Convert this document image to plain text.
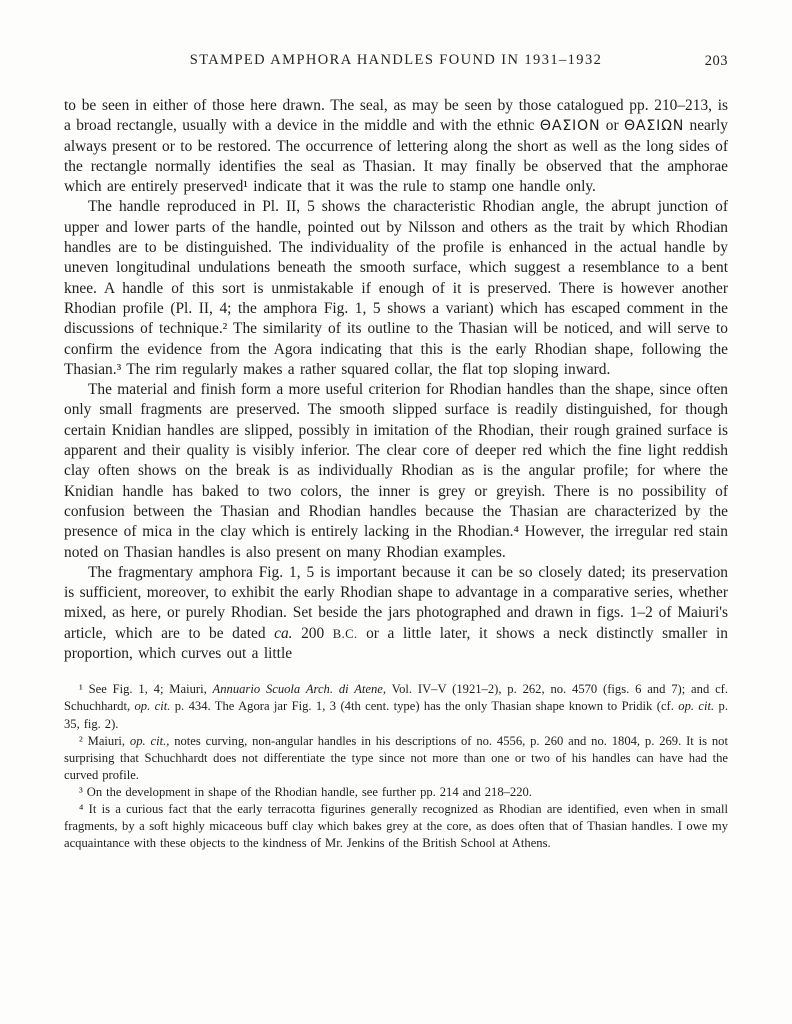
STAMPED AMPHORA HANDLES FOUND IN 1931–1932	203

to be seen in either of those here drawn. The seal, as may be seen by those catalogued pp. 210–213, is a broad rectangle, usually with a device in the middle and with the ethnic ΘΑΣΙΟΝ or ΘΑΣΙΩΝ nearly always present or to be restored. The occurrence of lettering along the short as well as the long sides of the rectangle normally identifies the seal as Thasian. It may finally be observed that the amphorae which are entirely preserved¹ indicate that it was the rule to stamp one handle only.

The handle reproduced in Pl. II, 5 shows the characteristic Rhodian angle, the abrupt junction of upper and lower parts of the handle, pointed out by Nilsson and others as the trait by which Rhodian handles are to be distinguished. The individuality of the profile is enhanced in the actual handle by uneven longitudinal undulations beneath the smooth surface, which suggest a resemblance to a bent knee. A handle of this sort is unmistakable if enough of it is preserved. There is however another Rhodian profile (Pl. II, 4; the amphora Fig. 1, 5 shows a variant) which has escaped comment in the discussions of technique.² The similarity of its outline to the Thasian will be noticed, and will serve to confirm the evidence from the Agora indicating that this is the early Rhodian shape, following the Thasian.³ The rim regularly makes a rather squared collar, the flat top sloping inward.

The material and finish form a more useful criterion for Rhodian handles than the shape, since often only small fragments are preserved. The smooth slipped surface is readily distinguished, for though certain Knidian handles are slipped, possibly in imitation of the Rhodian, their rough grained surface is apparent and their quality is visibly inferior. The clear core of deeper red which the fine light reddish clay often shows on the break is as individually Rhodian as is the angular profile; for where the Knidian handle has baked to two colors, the inner is grey or greyish. There is no possibility of confusion between the Thasian and Rhodian handles because the Thasian are characterized by the presence of mica in the clay which is entirely lacking in the Rhodian.⁴ However, the irregular red stain noted on Thasian handles is also present on many Rhodian examples.

The fragmentary amphora Fig. 1, 5 is important because it can be so closely dated; its preservation is sufficient, moreover, to exhibit the early Rhodian shape to advantage in a comparative series, whether mixed, as here, or purely Rhodian. Set beside the jars photographed and drawn in figs. 1–2 of Maiuri's article, which are to be dated ca. 200 B.C. or a little later, it shows a neck distinctly smaller in proportion, which curves out a little

¹ See Fig. 1, 4; Maiuri, Annuario Scuola Arch. di Atene, Vol. IV–V (1921–2), p. 262, no. 4570 (figs. 6 and 7); and cf. Schuchhardt, op. cit. p. 434. The Agora jar Fig. 1, 3 (4th cent. type) has the only Thasian shape known to Pridik (cf. op. cit. p. 35, fig. 2).

² Maiuri, op. cit., notes curving, non-angular handles in his descriptions of no. 4556, p. 260 and no. 1804, p. 269. It is not surprising that Schuchhardt does not differentiate the type since not more than one or two of his handles can have had the curved profile.

³ On the development in shape of the Rhodian handle, see further pp. 214 and 218–220.

⁴ It is a curious fact that the early terracotta figurines generally recognized as Rhodian are identified, even when in small fragments, by a soft highly micaceous buff clay which bakes grey at the core, as does often that of Thasian handles. I owe my acquaintance with these objects to the kindness of Mr. Jenkins of the British School at Athens.
